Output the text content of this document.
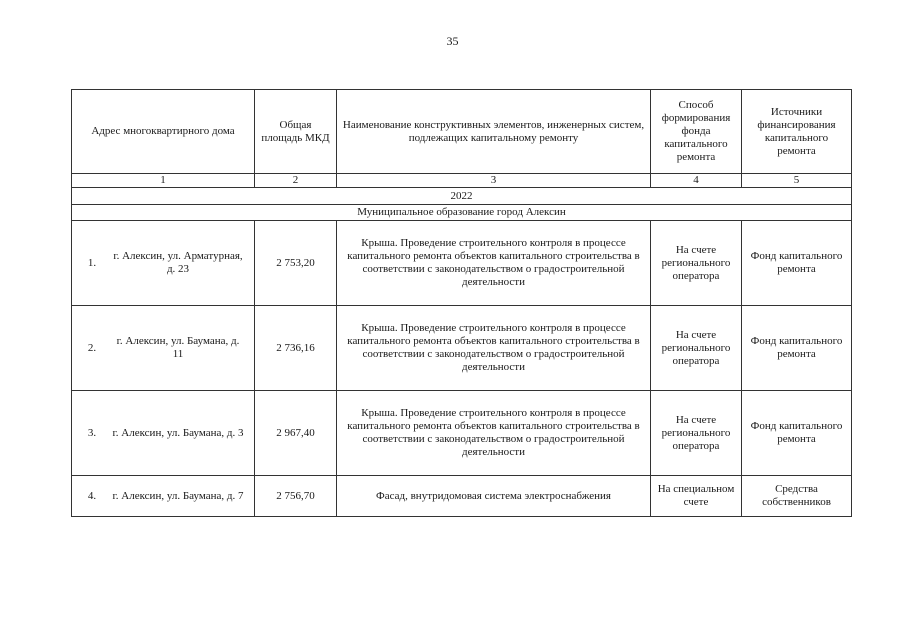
35
Адрес многоквартирного дома	Общая площадь МКД	Наименование конструктивных элементов, инженерных систем, подлежащих капитальному ремонту	Способ формирования фонда капитального ремонта	Источники финансирования капитального ремонта
1	2	3	4	5
2022				
Муниципальное образование город Алексин				

1.
г. Алексин, ул. Арматурная, д. 23	2 753,20	Крыша. Проведение строительного контроля в процессе капитального ремонта объектов капитального строительства в соответствии с законодательством о градостроительной деятельности	На счете регионального оператора	Фонд капитального ремонта

2.
г. Алексин, ул. Баумана, д. 11	2 736,16	Крыша. Проведение строительного контроля в процессе капитального ремонта объектов капитального строительства в соответствии с законодательством о градостроительной деятельности	На счете регионального оператора	Фонд капитального ремонта

3. г. Алексин, ул. Баумана, д. 3	2 967,40	Крыша. Проведение строительного контроля в процессе капитального ремонта объектов капитального строительства в соответствии с законодательством о градостроительной деятельности	На счете регионального оператора	Фонд капитального ремонта

4. г. Алексин, ул. Баумана, д. 7	2 756,70	Фасад, внутридомовая система электроснабжения	На специальном счете	Средства собственников
